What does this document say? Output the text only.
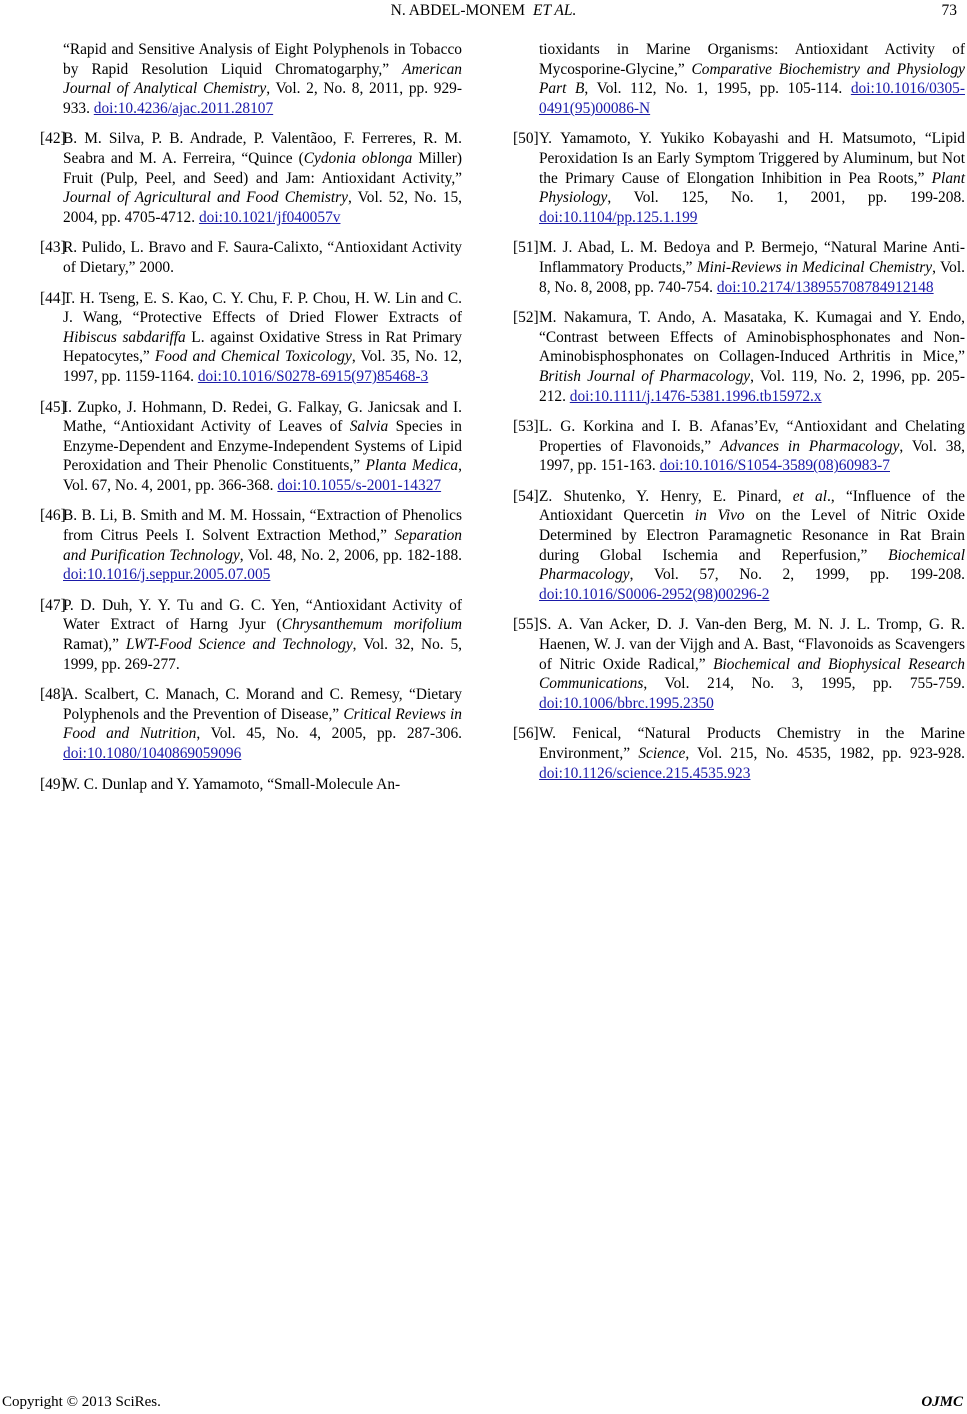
N. ABDEL-MONEM ET AL.	73
“Rapid and Sensitive Analysis of Eight Polyphenols in Tobacco by Rapid Resolution Liquid Chromatogarphy,” American Journal of Analytical Chemistry, Vol. 2, No. 8, 2011, pp. 929-933. doi:10.4236/ajac.2011.28107
[42]
B. M. Silva, P. B. Andrade, P. Valentãoo, F. Ferreres, R. M. Seabra and M. A. Ferreira, “Quince (Cydonia oblonga Miller) Fruit (Pulp, Peel, and Seed) and Jam: Antioxidant Activity,” Journal of Agricultural and Food Chemistry, Vol. 52, No. 15, 2004, pp. 4705-4712. doi:10.1021/jf040057v
[43]
R. Pulido, L. Bravo and F. Saura-Calixto, “Antioxidant Activity of Dietary,” 2000.
[44]
T. H. Tseng, E. S. Kao, C. Y. Chu, F. P. Chou, H. W. Lin and C. J. Wang, “Protective Effects of Dried Flower Extracts of Hibiscus sabdariffa L. against Oxidative Stress in Rat Primary Hepatocytes,” Food and Chemical Toxicology, Vol. 35, No. 12, 1997, pp. 1159-1164. doi:10.1016/S0278-6915(97)85468-3
[45]
I. Zupko, J. Hohmann, D. Redei, G. Falkay, G. Janicsak and I. Mathe, “Antioxidant Activity of Leaves of Salvia Species in Enzyme-Dependent and Enzyme-Independent Systems of Lipid Peroxidation and Their Phenolic Constituents,” Planta Medica, Vol. 67, No. 4, 2001, pp. 366-368. doi:10.1055/s-2001-14327
[46]
B. B. Li, B. Smith and M. M. Hossain, “Extraction of Phenolics from Citrus Peels I. Solvent Extraction Method,” Separation and Purification Technology, Vol. 48, No. 2, 2006, pp. 182-188. doi:10.1016/j.seppur.2005.07.005
[47]
P. D. Duh, Y. Y. Tu and G. C. Yen, “Antioxidant Activity of Water Extract of Harng Jyur (Chrysanthemum morifolium Ramat),” LWT-Food Science and Technology, Vol. 32, No. 5, 1999, pp. 269-277.
[48]
A. Scalbert, C. Manach, C. Morand and C. Remesy, “Dietary Polyphenols and the Prevention of Disease,” Critical Reviews in Food and Nutrition, Vol. 45, No. 4, 2005, pp. 287-306. doi:10.1080/1040869059096
[49]
W. C. Dunlap and Y. Yamamoto, “Small-Molecule An-
tioxidants in Marine Organisms: Antioxidant Activity of Mycosporine-Glycine,” Comparative Biochemistry and Physiology Part B, Vol. 112, No. 1, 1995, pp. 105-114. doi:10.1016/0305-0491(95)00086-N
[50] Y. Yamamoto, Y. Yukiko Kobayashi and H. Matsumoto, “Lipid Peroxidation Is an Early Symptom Triggered by Aluminum, but Not the Primary Cause of Elongation Inhibition in Pea Roots,” Plant Physiology, Vol. 125, No. 1, 2001, pp. 199-208. doi:10.1104/pp.125.1.199
[51] M. J. Abad, L. M. Bedoya and P. Bermejo, “Natural Marine Anti-Inflammatory Products,” Mini-Reviews in Medicinal Chemistry, Vol. 8, No. 8, 2008, pp. 740-754. doi:10.2174/138955708784912148
[52] M. Nakamura, T. Ando, A. Masataka, K. Kumagai and Y. Endo, “Contrast between Effects of Aminobisphosphonates and Non-Aminobisphosphonates on Collagen-Induced Arthritis in Mice,” British Journal of Pharmacology, Vol. 119, No. 2, 1996, pp. 205-212. doi:10.1111/j.1476-5381.1996.tb15972.x
[53] L. G. Korkina and I. B. Afanas’Ev, “Antioxidant and Chelating Properties of Flavonoids,” Advances in Pharmacology, Vol. 38, 1997, pp. 151-163. doi:10.1016/S1054-3589(08)60983-7
[54] Z. Shutenko, Y. Henry, E. Pinard, et al., “Influence of the Antioxidant Quercetin in Vivo on the Level of Nitric Oxide Determined by Electron Paramagnetic Resonance in Rat Brain during Global Ischemia and Reperfusion,” Biochemical Pharmacology, Vol. 57, No. 2, 1999, pp. 199-208. doi:10.1016/S0006-2952(98)00296-2
[55] S. A. Van Acker, D. J. Van-den Berg, M. N. J. L. Tromp, G. R. Haenen, W. J. van der Vijgh and A. Bast, “Flavonoids as Scavengers of Nitric Oxide Radical,” Biochemical and Biophysical Research Communications, Vol. 214, No. 3, 1995, pp. 755-759. doi:10.1006/bbrc.1995.2350
[56] W. Fenical, “Natural Products Chemistry in the Marine Environment,” Science, Vol. 215, No. 4535, 1982, pp. 923-928. doi:10.1126/science.215.4535.923
Copyright © 2013 SciRes.	OJMC
